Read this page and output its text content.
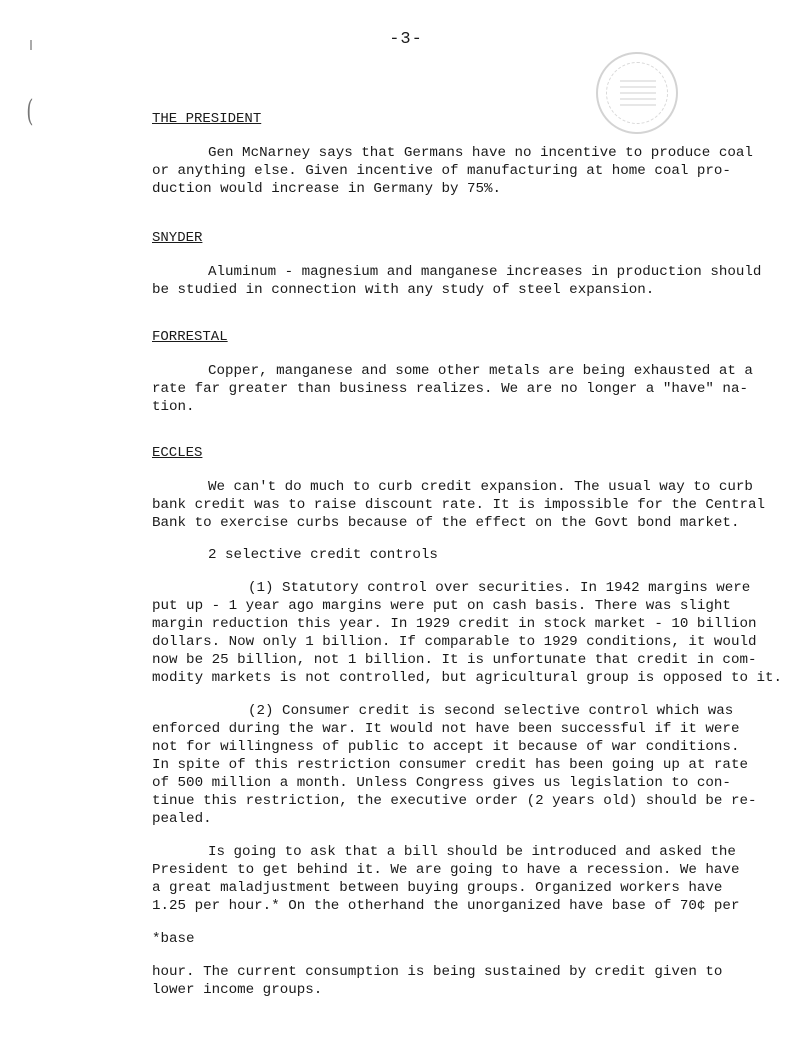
(
-3-
THE PRESIDENT
Gen McNarney says that Germans have no incentive to produce coal
or anything else. Given incentive of manufacturing at home coal pro-
duction would increase in Germany by 75%.
SNYDER
Aluminum - magnesium and manganese increases in production should
be studied in connection with any study of steel expansion.
FORRESTAL
Copper, manganese and some other metals are being exhausted at a
rate far greater than business realizes. We are no longer a "have" na-
tion.
ECCLES
We can't do much to curb credit expansion. The usual way to curb
bank credit was to raise discount rate. It is impossible for the Central
Bank to exercise curbs because of the effect on the Govt bond market.
2 selective credit controls
(1) Statutory control over securities. In 1942 margins were
put up - 1 year ago margins were put on cash basis. There was slight
margin reduction this year. In 1929 credit in stock market - 10 billion
dollars. Now only 1 billion. If comparable to 1929 conditions, it would
now be 25 billion, not 1 billion. It is unfortunate that credit in com-
modity markets is not controlled, but agricultural group is opposed to it.
(2) Consumer credit is second selective control which was
enforced during the war. It would not have been successful if it were
not for willingness of public to accept it because of war conditions.
In spite of this restriction consumer credit has been going up at rate
of 500 million a month. Unless Congress gives us legislation to con-
tinue this restriction, the executive order (2 years old) should be re-
pealed.
Is going to ask that a bill should be introduced and asked the
President to get behind it. We are going to have a recession. We have
a great maladjustment between buying groups. Organized workers have
1.25 per hour.* On the otherhand the unorganized have base of 70¢ per
*base
hour. The current consumption is being sustained by credit given to
lower income groups.
